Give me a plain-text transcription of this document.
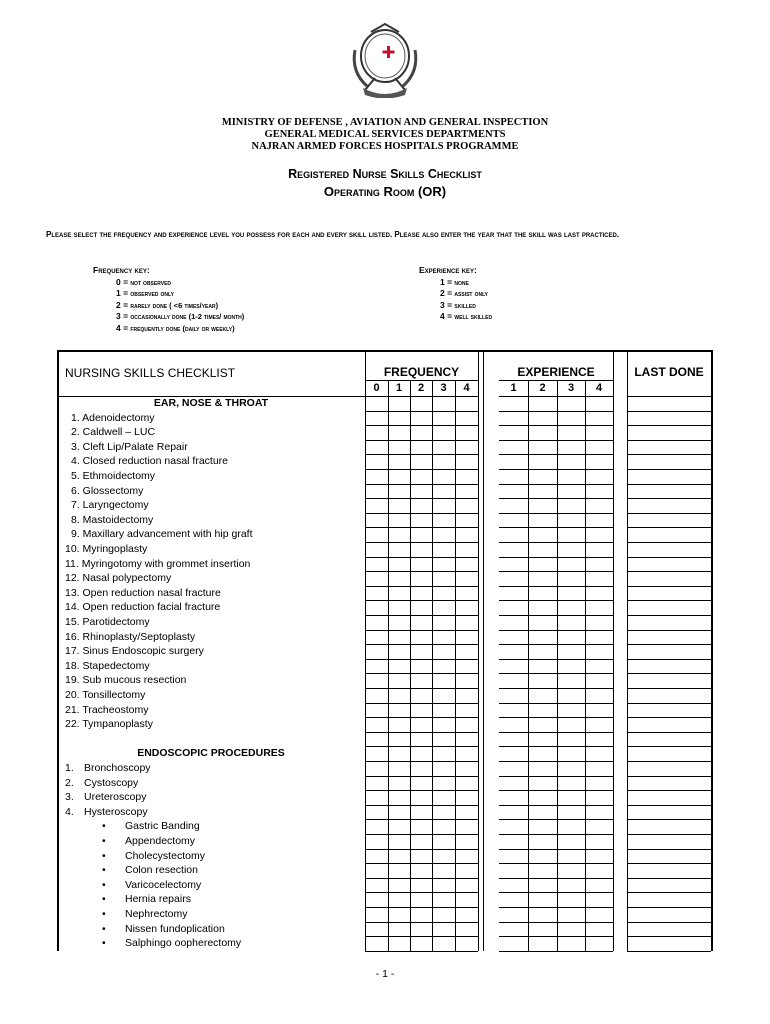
MINISTRY OF DEFENSE , AVIATION AND GENERAL INSPECTION
GENERAL MEDICAL SERVICES DEPARTMENTS
NAJRAN ARMED FORCES HOSPITALS PROGRAMME
Registered Nurse Skills Checklist
Operating Room (OR)
Please select the frequency and experience level you possess for each and every skill listed. Please also enter the year that the skill was last practiced.
Frequency key:
0 = not observed
1 = observed only
2 = rarely done ( <6 times/year)
3 = occasionally done (1-2 times/ month)
4 = frequently done (daily or weekly)
Experience key:
1 = none
2 = assist only
3 = skilled
4 = well skilled
NURSING SKILLS CHECKLIST	FREQUENCY	EXPERIENCE	LAST DONE
0	1	2	3	4	1	2	3	4
EAR, NOSE & THROAT
1. Adenoidectomy
2. Caldwell – LUC
3. Cleft Lip/Palate Repair
4. Closed reduction nasal fracture
5. Ethmoidectomy
6. Glossectomy
7. Laryngectomy
8. Mastoidectomy
9. Maxillary advancement with hip graft
10. Myringoplasty
11. Myringotomy with grommet insertion
12. Nasal polypectomy
13. Open reduction nasal fracture
14. Open reduction facial fracture
15. Parotidectomy
16. Rhinoplasty/Septoplasty
17. Sinus Endoscopic surgery
18. Stapedectomy
19. Sub mucous resection
20. Tonsillectomy
21. Tracheostomy
22. Tympanoplasty
ENDOSCOPIC PROCEDURES
1. Bronchoscopy
2. Cystoscopy
3. Ureteroscopy
4. Hysteroscopy
• Gastric Banding
• Appendectomy
• Cholecystectomy
• Colon resection
• Varicocelectomy
• Hernia repairs
• Nephrectomy
• Nissen fundoplication
• Salphingo oopherectomy
- 1 -
